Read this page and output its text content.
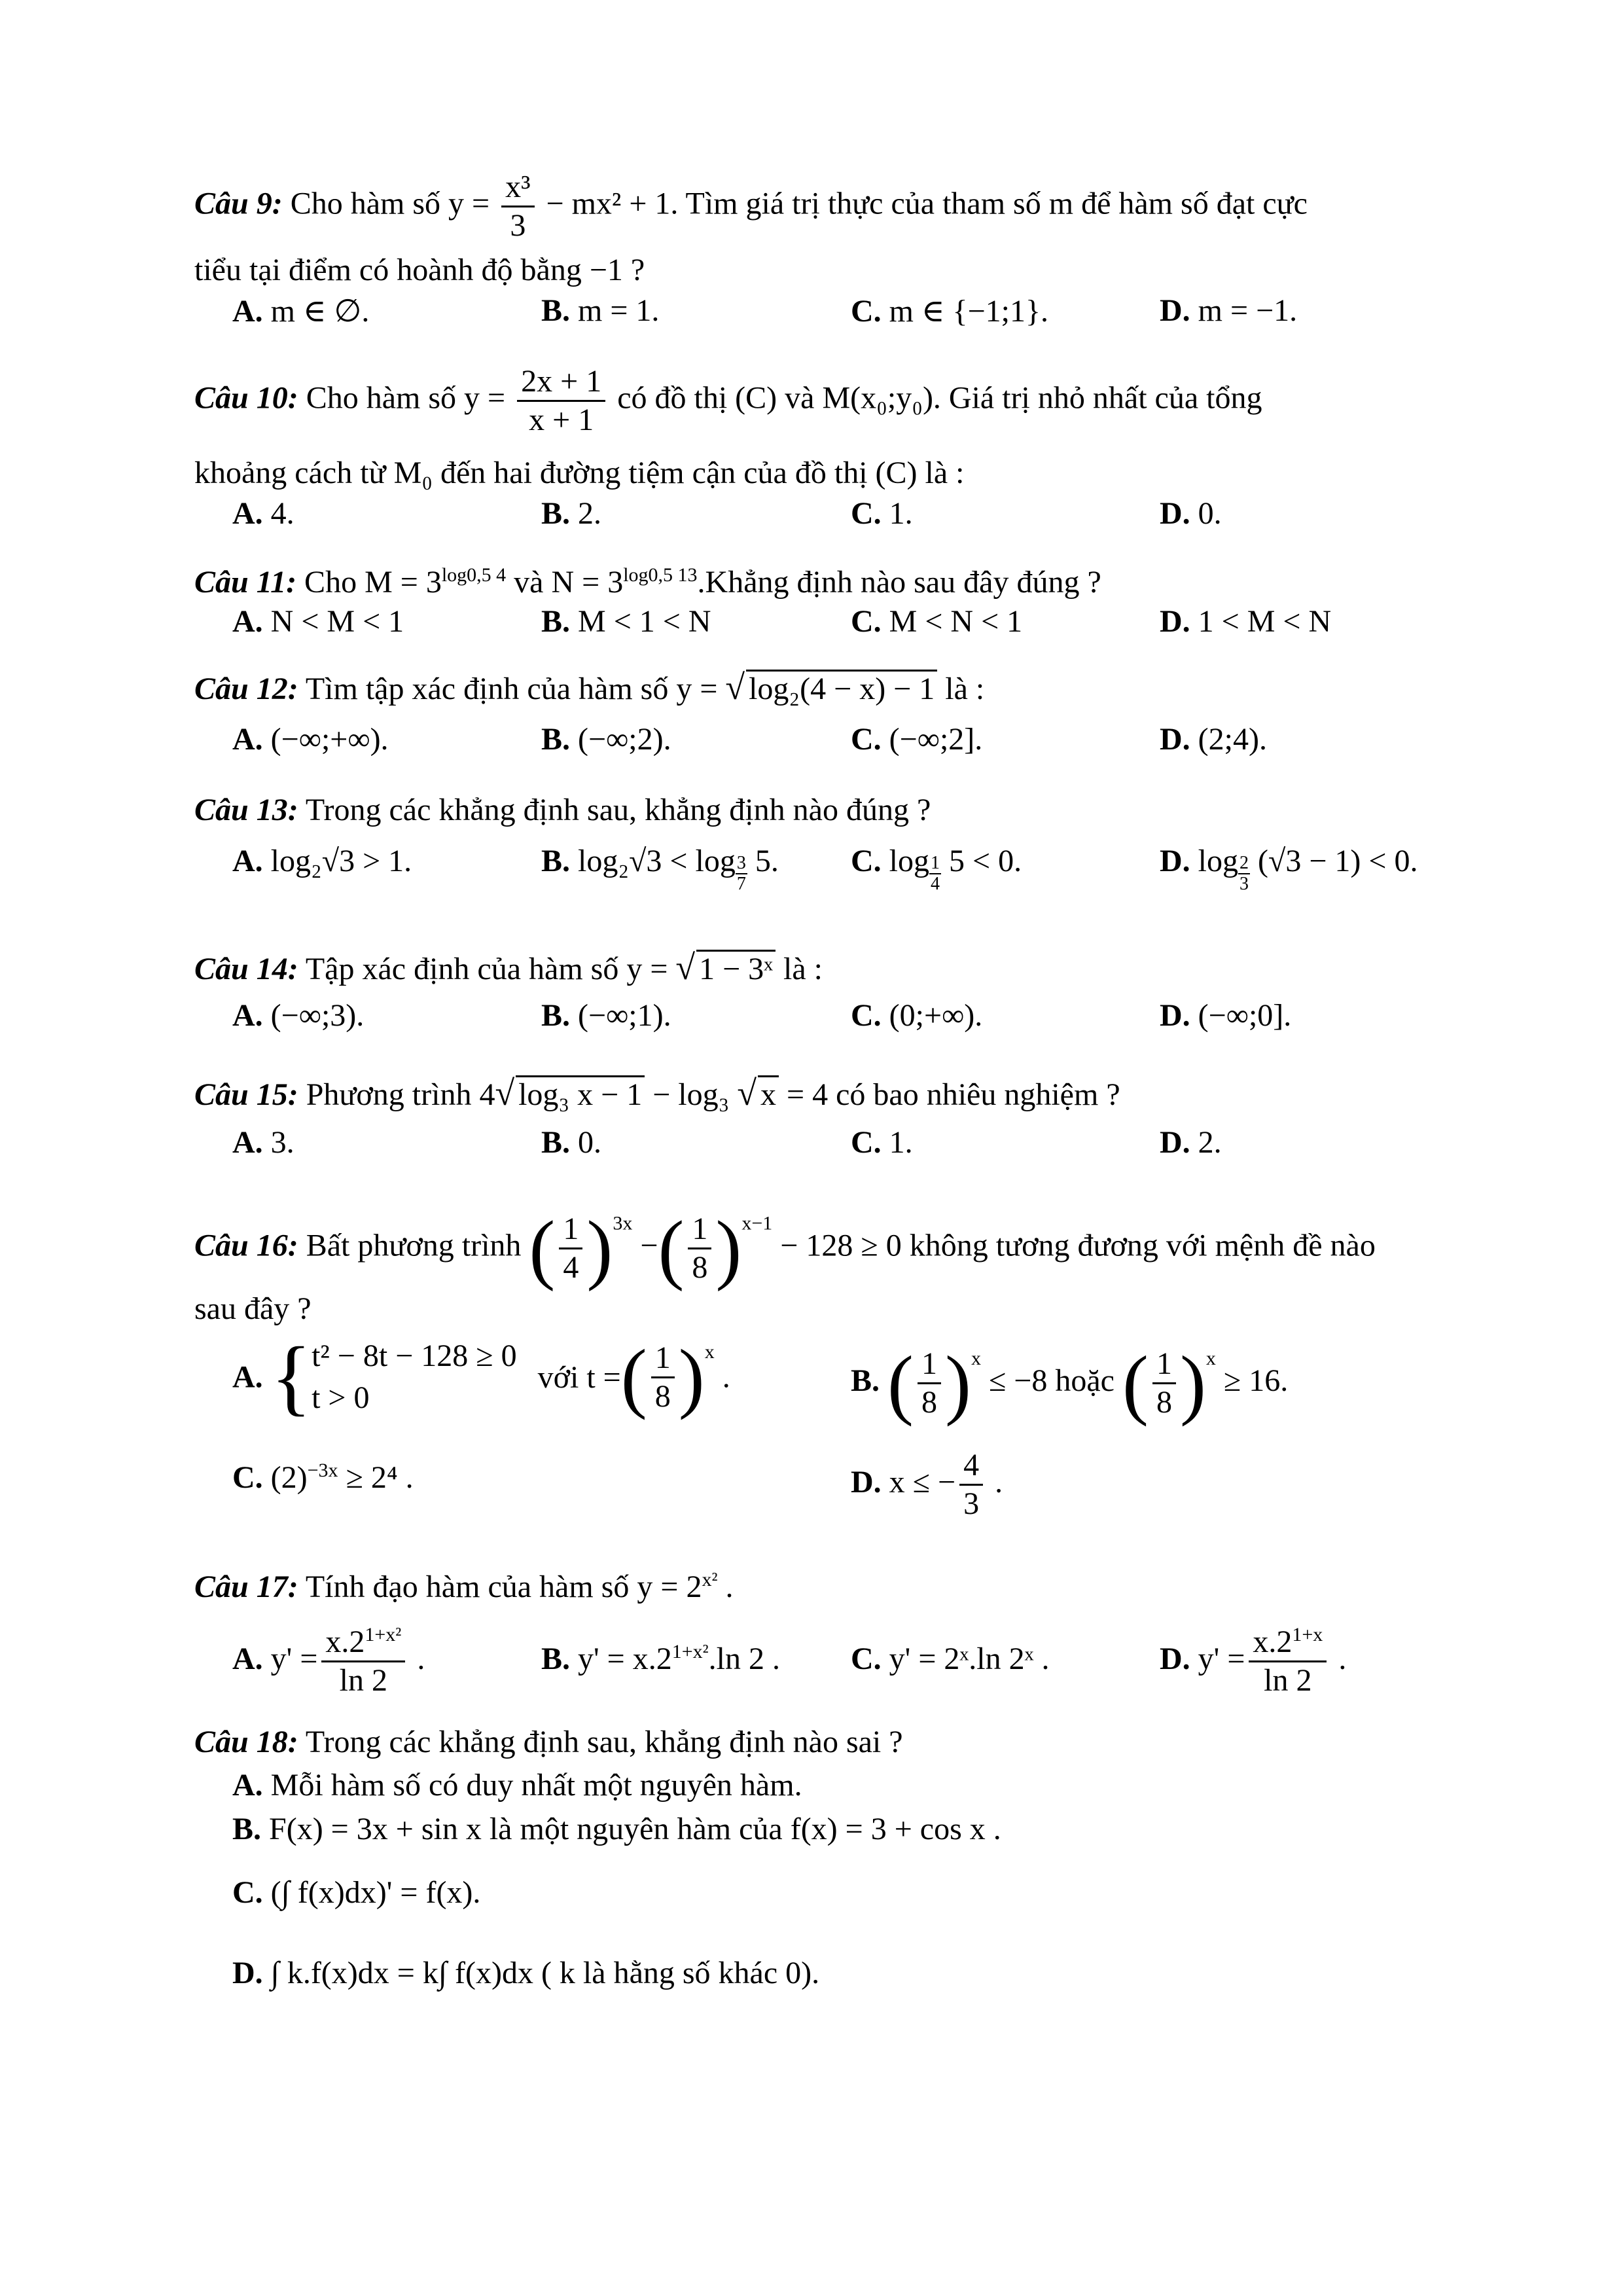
Câu 9: Cho hàm số $y = \frac{\text{x³}}{3} - mx^2 + 1$. Tìm giá trị thực của tham số m để hàm số đạt cực
tiểu tại điểm có hoành độ bằng −1 ?
A. m ∈ ∅.	B. m = 1.	C. m ∈ {−1;1}.	D. m = −1.
Câu 10: Cho hàm số $y = \frac{2x + 1}{x + 1}$ có đồ thị (C) và M(x₀;y₀). Giá trị nhỏ nhất của tổng
khoảng cách từ M₀ đến hai đường tiệm cận của đồ thị (C) là :
A. 4.	B. 2.	C. 1.	D. 0.
Câu 11: Cho $M = 3^{log0,5 4}$ và $N = 3^{log0,5 13}.Khẳng$ định nào sau đây đúng ?
A. N < M < 1	B. M < 1 < N	C. M < N < 1	D. 1 < M < N
Câu 12: Tìm tập xác định của hàm số y = √ log₂(4 − x) − 1 là :
A. (−∞;+∞).	B. (−∞;2).	C. (−∞;2].	D. (2;4).
Câu 13: Trong các khẳng định sau, khẳng định nào đúng ?
A. log₂√3 > 1.	B. $\log_2√3 < \log \frac{3}{7} 5$. C. $\log \frac{1}{4} 5 < 0$.	D. $\log \frac{2}{3} (√3 - 1) < 0$.
Câu 14: Tập xác định của hàm số y = √ 1 − 3ˣ là :
A. (−∞;3).	B. (−∞;1).	C. (0;+∞).	D. (−∞;0].
Câu 15: Phương trình 4√ log₃ x − 1 − log₃ √ x = 4 có bao nhiêu nghiệm ?
A. 3.	B. 0.	C. 1.	D. 2.
Câu 16: Bất phương trình ( $\frac{1}{4} )^{3x}$ −( $\frac{1}{8} )^{x-1} - 128 \ge 0$ không tương đương với mệnh đề nào
sau đây ?
A. { t² − 8t − 128 ≥ 0
t > 0
với t =( $\frac{1}{8} )^x$ .	B. ( $\frac{1}{8} )^x \le -8$ hoặc ( $\frac{1}{8} )^x \ge 16$.
C. $(2)^{-3x} \ge 2^4$ .	D. x ≤ − $\frac{4}{3}$ .
Câu 17: Tính đạo hàm của hàm số $y = 2^{x^2}$ .
A. $y' = \frac{x.2^{1+x^2}}{\ln 2}$ .	B. $y' = x.2^{1+x^2}.\ln$ 2 . C. y' = 2ˣ.ln 2ˣ .	D. $y' = \frac{x.2^{1+x}}{\ln 2}$ .
Câu 18: Trong các khẳng định sau, khẳng định nào sai ?
A. Mỗi hàm số có duy nhất một nguyên hàm.
B. F(x) = 3x + sin x là một nguyên hàm của f(x) = 3 + cos x .
C. (∫ f(x)dx)' = f(x).
D. ∫ k.f(x)dx = k∫ f(x)dx ( k là hằng số khác 0).
